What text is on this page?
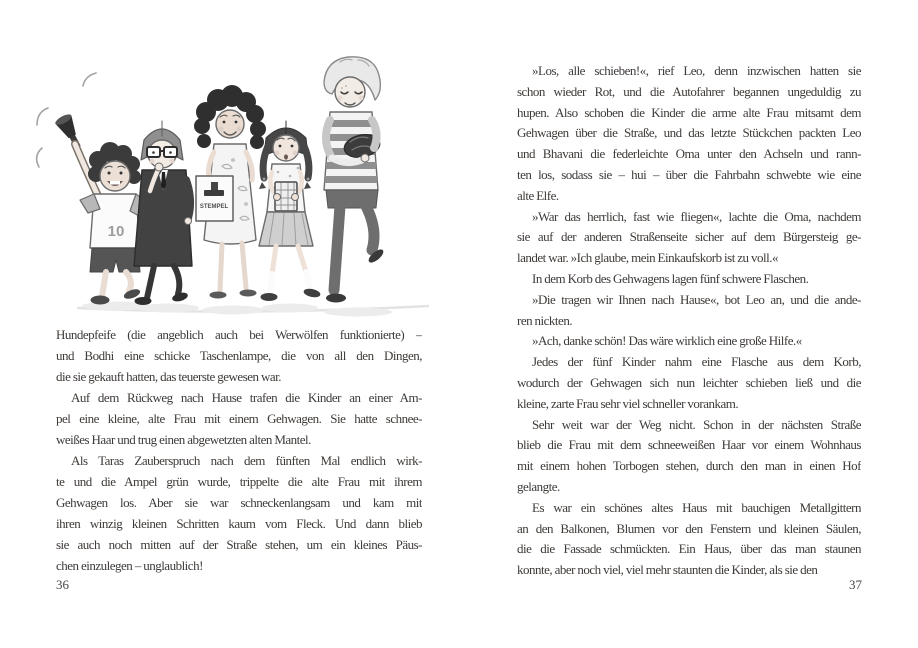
10
STEMPEL
Hundepfeife (die angeblich auch bei Werwölfen funktionierte) –
und Bodhi eine schicke Taschenlampe, die von all den Dingen,
die sie gekauft hatten, das teuerste gewesen war.
Auf dem Rückweg nach Hause trafen die Kinder an einer Am-
pel eine kleine, alte Frau mit einem Gehwagen. Sie hatte schnee-
weißes Haar und trug einen abgewetzten alten Mantel.
Als Taras Zauberspruch nach dem fünften Mal endlich wirk-
te und die Ampel grün wurde, trippelte die alte Frau mit ihrem
Gehwagen los. Aber sie war schneckenlangsam und kam mit
ihren winzig kleinen Schritten kaum vom Fleck. Und dann blieb
sie auch noch mitten auf der Straße stehen, um ein kleines Päus-
chen einzulegen – unglaublich!
36
»Los, alle schieben!«, rief Leo, denn inzwischen hatten sie
schon wieder Rot, und die Autofahrer begannen ungeduldig zu
hupen. Also schoben die Kinder die arme alte Frau mitsamt dem
Gehwagen über die Straße, und das letzte Stückchen packten Leo
und Bhavani die federleichte Oma unter den Achseln und rann-
ten los, sodass sie – hui – über die Fahrbahn schwebte wie eine
alte Elfe.
»War das herrlich, fast wie fliegen«, lachte die Oma, nachdem
sie auf der anderen Straßenseite sicher auf dem Bürgersteig ge-
landet war. »Ich glaube, mein Einkaufskorb ist zu voll.«
In dem Korb des Gehwagens lagen fünf schwere Flaschen.
»Die tragen wir Ihnen nach Hause«, bot Leo an, und die ande-
ren nickten.
»Ach, danke schön! Das wäre wirklich eine große Hilfe.«
Jedes der fünf Kinder nahm eine Flasche aus dem Korb,
wodurch der Gehwagen sich nun leichter schieben ließ und die
kleine, zarte Frau sehr viel schneller vorankam.
Sehr weit war der Weg nicht. Schon in der nächsten Straße
blieb die Frau mit dem schneeweißen Haar vor einem Wohnhaus
mit einem hohen Torbogen stehen, durch den man in einen Hof
gelangte.
Es war ein schönes altes Haus mit bauchigen Metallgittern
an den Balkonen, Blumen vor den Fenstern und kleinen Säulen,
die die Fassade schmückten. Ein Haus, über das man staunen
konnte, aber noch viel, viel mehr staunten die Kinder, als sie den
37
